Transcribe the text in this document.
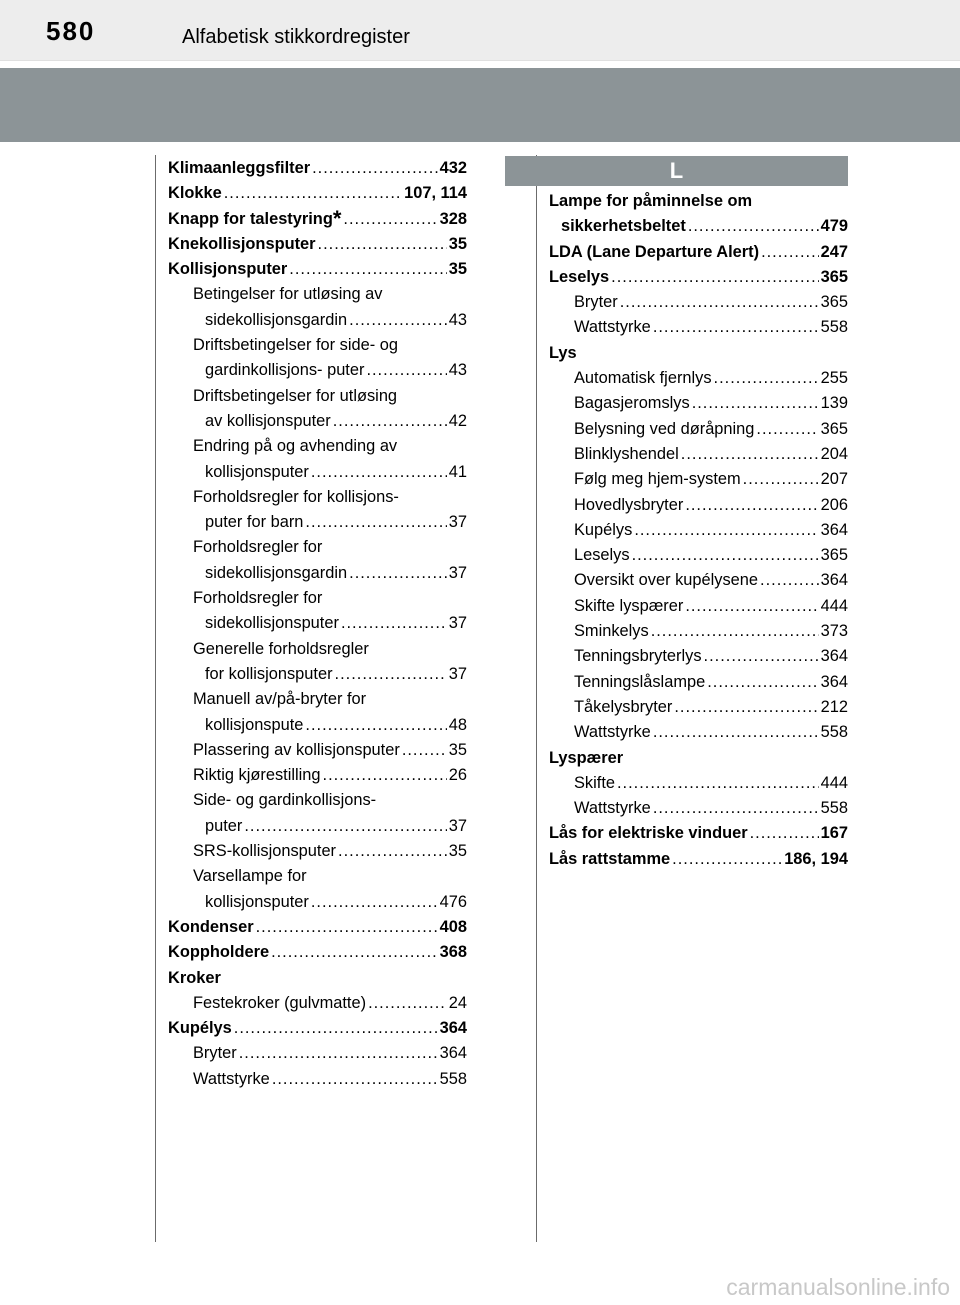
580	Alfabetisk stikkordregister
Klimaanleggsfilter .....	432
Klokke .....	107, 114
Knapp for talestyring* .....	328
Knekollisjonsputer .....	35
Kollisjonsputer .....	35
Betingelser for utløsing av
sidekollisjonsgardin .....	43
Driftsbetingelser for side- og
gardinkollisjons- puter .....	43
Driftsbetingelser for utløsing
av kollisjonsputer .....	42
Endring på og avhending av
kollisjonsputer .....	41
Forholdsregler for kollisjons-
puter for barn .....	37
Forholdsregler for
sidekollisjonsgardin .....	37
Forholdsregler for
sidekollisjonsputer .....	37
Generelle forholdsregler
for kollisjonsputer .....	37
Manuell av/på-bryter for
kollisjonspute .....	48
Plassering av kollisjonsputer .....	35
Riktig kjørestilling .....	26
Side- og gardinkollisjons-
puter .....	37
SRS-kollisjonsputer .....	35
Varsellampe for
kollisjonsputer .....	476
Kondenser .....	408
Koppholdere .....	368
Kroker
Festekroker (gulvmatte) .....	24
Kupélys .....	364
Bryter .....	364
Wattstyrke .....	558
L
Lampe for påminnelse om
sikkerhetsbeltet .....	479
LDA (Lane Departure Alert) .....	247
Leselys .....	365
Bryter .....	365
Wattstyrke .....	558
Lys
Automatisk fjernlys .....	255
Bagasjeromslys .....	139
Belysning ved døråpning .....	365
Blinklyshendel .....	204
Følg meg hjem-system .....	207
Hovedlysbryter .....	206
Kupélys .....	364
Leselys .....	365
Oversikt over kupélysene .....	364
Skifte lyspærer .....	444
Sminkelys .....	373
Tenningsbryterlys .....	364
Tenningslåslampe .....	364
Tåkelysbryter .....	212
Wattstyrke .....	558
Lyspærer
Skifte .....	444
Wattstyrke .....	558
Lås for elektriske vinduer .....	167
Lås rattstamme .....	186, 194
carmanualsonline.info
